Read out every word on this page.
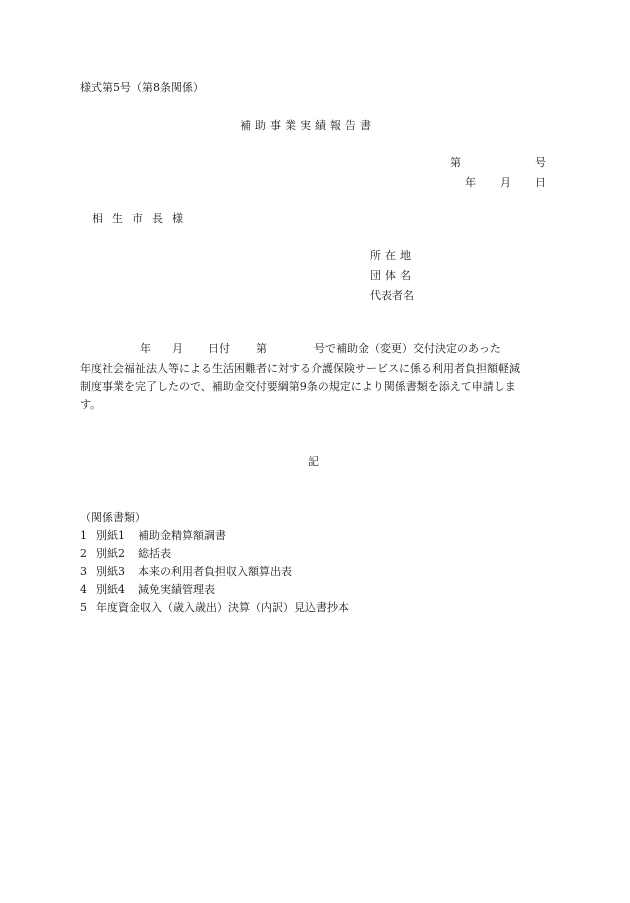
様式第5号（第8条関係）
補助事業実績報告書
第	号
年 月 日
相生市長様
所在地
団体名
代表者名
年 月 日付 第	号で補助金（変更）交付決定のあった
年度社会福祉法人等による生活困難者に対する介護保険サービスに係る利用者負担額軽減
制度事業を完了したので、補助金交付要綱第9条の規定により関係書類を添えて申請しま
す。
記
（関係書類）
1 別紙1 補助金精算額調書
2 別紙2 総括表
3 別紙3 本来の利用者負担収入額算出表
4 別紙4 減免実績管理表
5 年度資金収入（歳入歳出）決算（内訳）見込書抄本
